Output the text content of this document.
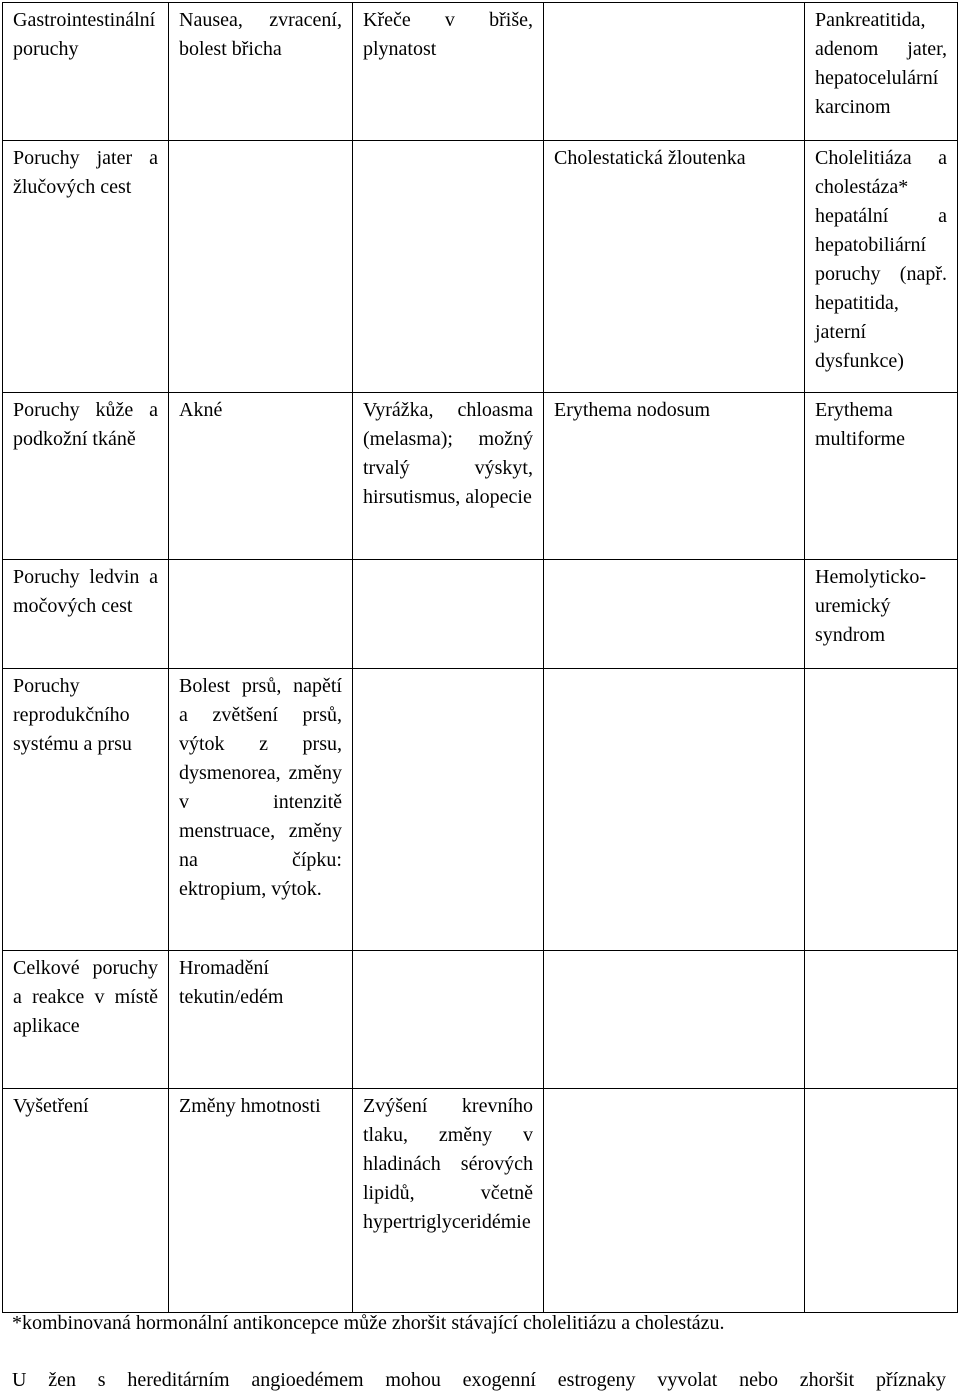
Gastrointestinální poruchy	Nausea, zvracení, bolest břicha	Křeče v břiše, plynatost		Pankreatitida, adenom jater, hepatocelulární karcinom

Poruchy jater a žlučových cest			Cholestatická žloutenka	Cholelitiáza a cholestáza* hepatální a hepatobiliární poruchy (např. hepatitida, jaterní dysfunkce)

Poruchy kůže a podkožní tkáně	Akné	Vyrážka, chloasma (melasma); možný trvalý výskyt, hirsutismus, alopecie	Erythema nodosum	Erythema multiforme

Poruchy ledvin a močových cest				Hemolyticko-uremický syndrom

Poruchy reprodukčního systému a prsu	Bolest prsů, napětí a zvětšení prsů, výtok z prsu, dysmenorea, změny v intenzitě menstruace, změny na čípku: ektropium, výtok.			

Celkové poruchy a reakce v místě aplikace	Hromadění tekutin/edém			

Vyšetření	Změny hmotnosti	Zvýšení krevního tlaku, změny v hladinách sérových lipidů, včetně hypertriglyceridémie		

*kombinovaná hormonální antikoncepce může zhoršit stávající cholelitiázu a cholestázu.
U žen s hereditárním angioedémem mohou exogenní estrogeny vyvolat nebo zhoršit příznaky
